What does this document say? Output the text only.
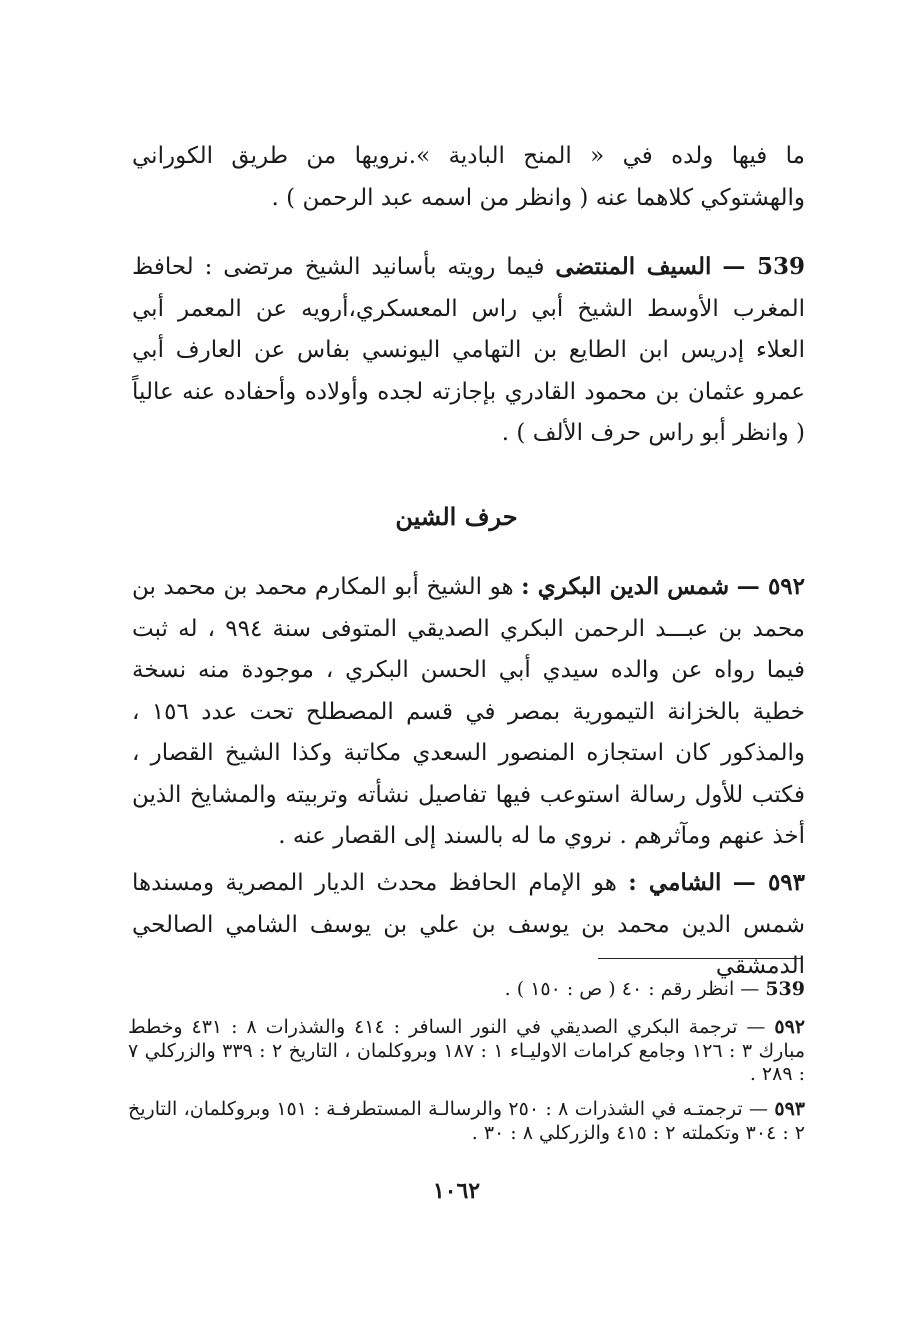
ما فيها ولده في « المنح البادية ».نرويها من طريق الكوراني والهشتوكي كلاهما عنه ( وانظر من اسمه عبد الرحمن ) .

539 — السيف المنتضى فيما رويته بأسانيد الشيخ مرتضى : لحافظ المغرب الأوسط الشيخ أبي راس المعسكري،أرويه عن المعمر أبي العلاء إدريس ابن الطايع بن التهامي اليونسي بفاس عن العارف أبي عمرو عثمان بن محمود القادري بإجازته لجده وأولاده وأحفاده عنه عالياً ( وانظر أبو راس حرف الألف ) .

حرف الشين

٥٩٢ — شمس الدين البكري : هو الشيخ أبو المكارم محمد بن محمد بن محمد بن عبـــد الرحمن البكري الصديقي المتوفى سنة ٩٩٤ ، له ثبت فيما رواه عن والده سيدي أبي الحسن البكري ، موجودة منه نسخة خطية بالخزانة التيمورية بمصر في قسم المصطلح تحت عدد ١٥٦ ، والمذكور كان استجازه المنصور السعدي مكاتبة وكذا الشيخ القصار ، فكتب للأول رسالة استوعب فيها تفاصيل نشأته وتربيته والمشايخ الذين أخذ عنهم ومآثرهم . نروي ما له بالسند إلى القصار عنه .

٥٩٣ — الشامي : هو الإمام الحافظ محدث الديار المصرية ومسندها شمس الدين محمد بن يوسف بن علي بن يوسف الشامي الصالحي الدمشقي

539 — انظر رقم : ٤٠ ( ص : ١٥٠ ) .

٥٩٢ — ترجمة البكري الصديقي في النور السافر : ٤١٤ والشذرات ٨ : ٤٣١ وخطط مبارك ٣ : ١٢٦ وجامع كرامات الاوليـاء ١ : ١٨٧ وبروكلمان ، التاريخ ٢ : ٣٣٩ والزركلي ٧ : ٢٨٩ .

٥٩٣ — ترجمتـه في الشذرات ٨ : ٢٥٠ والرسالـة المستطرفـة : ١٥١ وبروكلمان، التاريخ ٢ : ٣٠٤ وتكملته ٢ : ٤١٥ والزركلي ٨ : ٣٠ .

١٠٦٢
